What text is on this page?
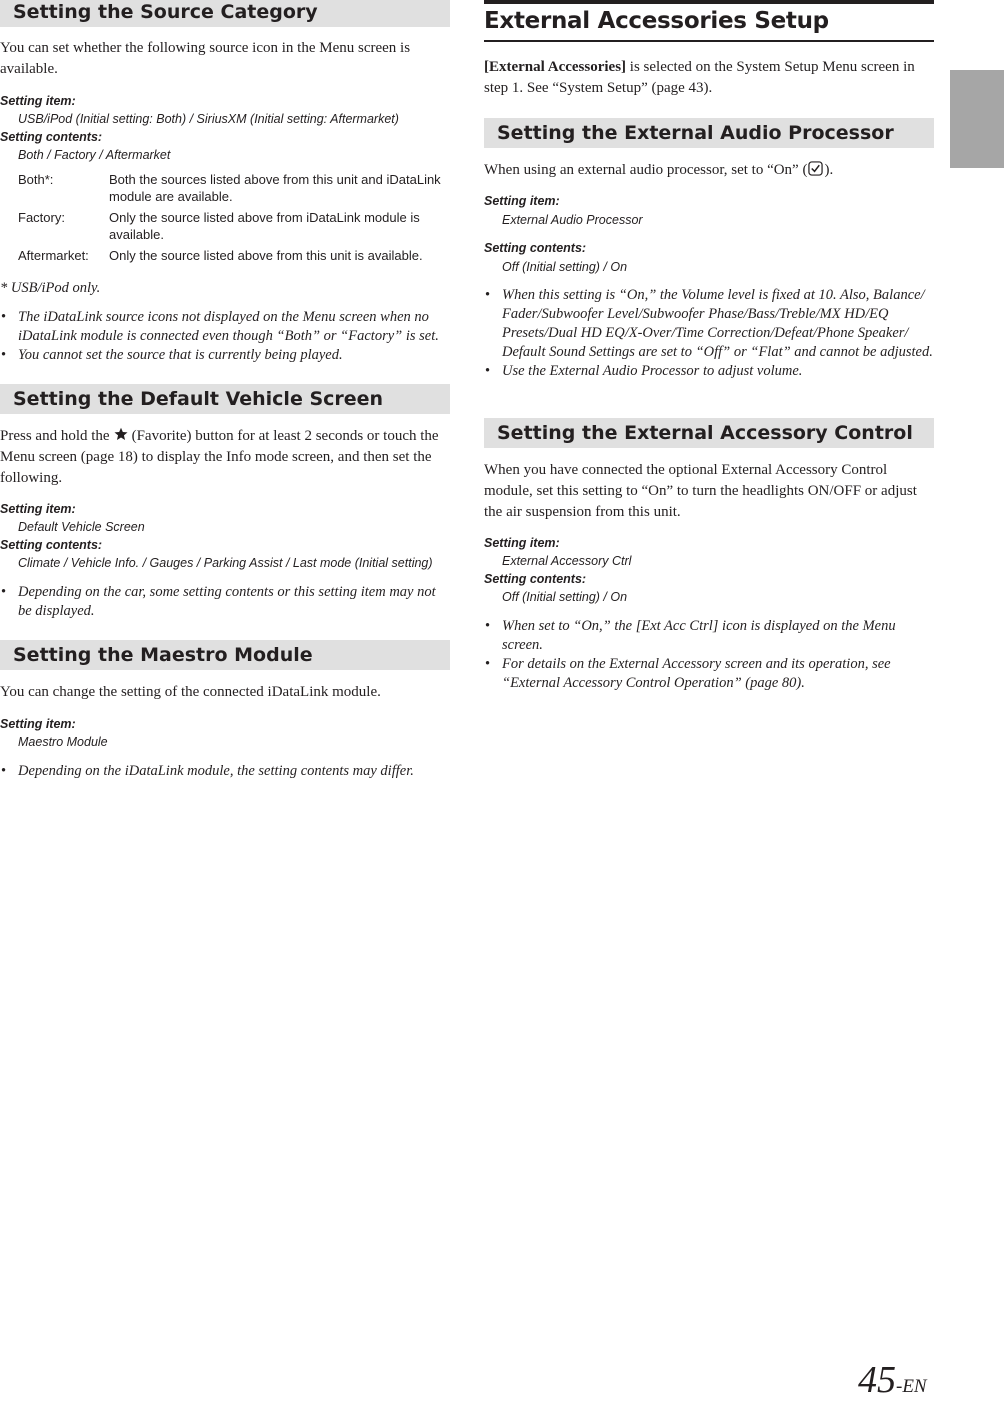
Setting the Source Category

You can set whether the following source icon in the Menu screen is available.

Setting item:

USB/iPod (Initial setting: Both) / SiriusXM (Initial setting: Aftermarket)

Setting contents:

Both / Factory / Aftermarket

Both*:	Both the sources listed above from this unit and iDataLink module are available.
Factory:	Only the source listed above from iDataLink module is available.
Aftermarket:	Only the source listed above from this unit is available.

* USB/iPod only.

• The iDataLink source icons not displayed on the Menu screen when no iDataLink module is connected even though “Both” or “Factory” is set.

• You cannot set the source that is currently being played.

Setting the Default Vehicle Screen

Press and hold the (Favorite) button for at least 2 seconds or touch the Menu screen (page 18) to display the Info mode screen, and then set the following.

Setting item:

Default Vehicle Screen

Setting contents:

Climate / Vehicle Info. / Gauges / Parking Assist / Last mode (Initial setting)

• Depending on the car, some setting contents or this setting item may not be displayed.

Setting the Maestro Module

You can change the setting of the connected iDataLink module.

Setting item:

Maestro Module

• Depending on the iDataLink module, the setting contents may differ.

External Accessories Setup

[External Accessories] is selected on the System Setup Menu screen in step 1. See “System Setup” (page 43).

Setting the External Audio Processor

When using an external audio processor, set to “On” ( ).

Setting item:

External Audio Processor

Setting contents:

Off (Initial setting) / On

• When this setting is “On,” the Volume level is fixed at 10. Also, Balance/ Fader/Subwoofer Level/Subwoofer Phase/Bass/Treble/MX HD/EQ Presets/Dual HD EQ/X-Over/Time Correction/Defeat/Phone Speaker/ Default Sound Settings are set to “Off” or “Flat” and cannot be adjusted.

• Use the External Audio Processor to adjust volume.

Setting the External Accessory Control

When you have connected the optional External Accessory Control module, set this setting to “On” to turn the headlights ON/OFF or adjust the air suspension from this unit.

Setting item:

External Accessory Ctrl

Setting contents:

Off (Initial setting) / On

• When set to “On,” the [Ext Acc Ctrl] icon is displayed on the Menu screen.

• For details on the External Accessory screen and its operation, see “External Accessory Control Operation” (page 80).

45-EN
